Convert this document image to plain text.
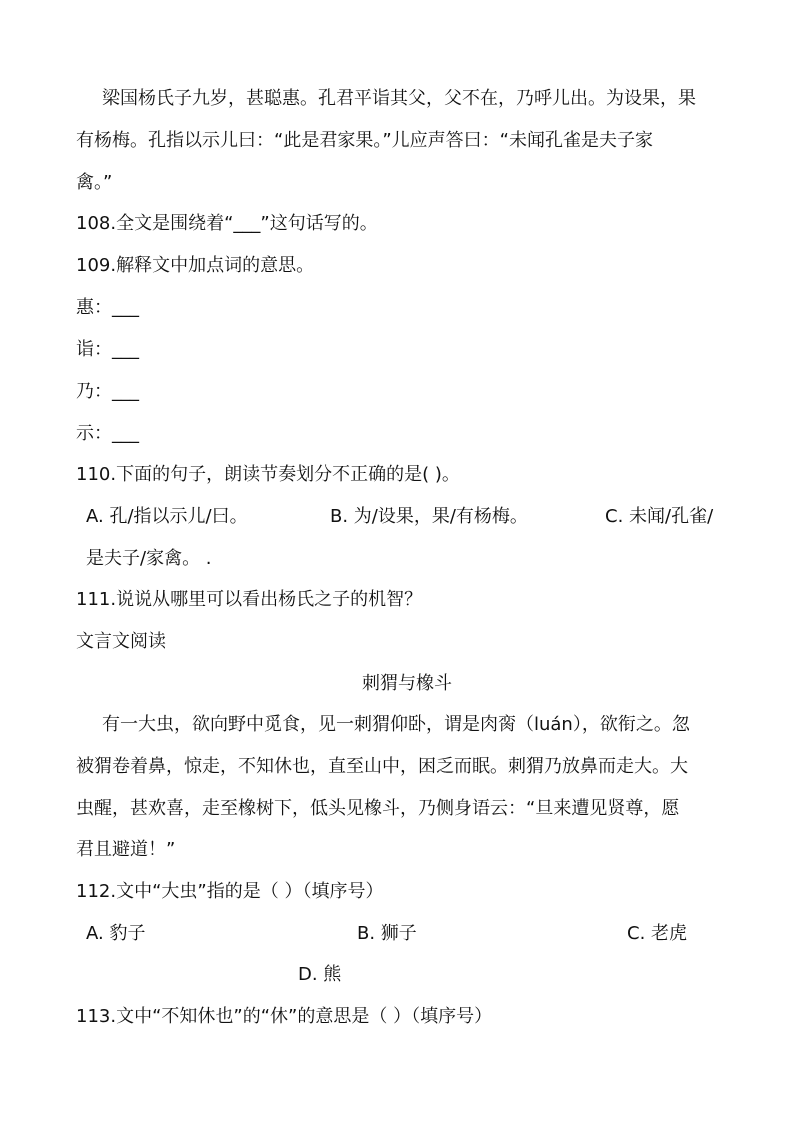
梁国杨氏子九岁，甚聪惠。孔君平诣其父，父不在，乃呼儿出。为设果，果
有杨梅。孔指以示儿曰：“此是君家果。”儿应声答曰：“未闻孔雀是夫子家
禽。”
108.全文是围绕着“___”这句话写的。
109.解释文中加点词的意思。
惠：___
诣：___
乃：___
示：___
110.下面的句子，朗读节奏划分不正确的是( )。
A. 孔/指以示儿/曰。	B. 为/设果，果/有杨梅。	C. 未闻/孔雀/
是夫子/家禽。 .
111.说说从哪里可以看出杨氏之子的机智？
文言文阅读
刺猬与橡斗
有一大虫，欲向野中觅食，见一刺猬仰卧，谓是肉脔（luán），欲衔之。忽
被猬卷着鼻，惊走，不知休也，直至山中，困乏而眠。刺猬乃放鼻而走大。大
虫醒，甚欢喜，走至橡树下，低头见橡斗，乃侧身语云：“旦来遭见贤尊，愿
君且避道！”
112.文中“大虫”指的是（ ）（填序号）
A. 豹子	B. 狮子	C. 老虎
D. 熊
113.文中“不知休也”的“休”的意思是（ ）（填序号）
